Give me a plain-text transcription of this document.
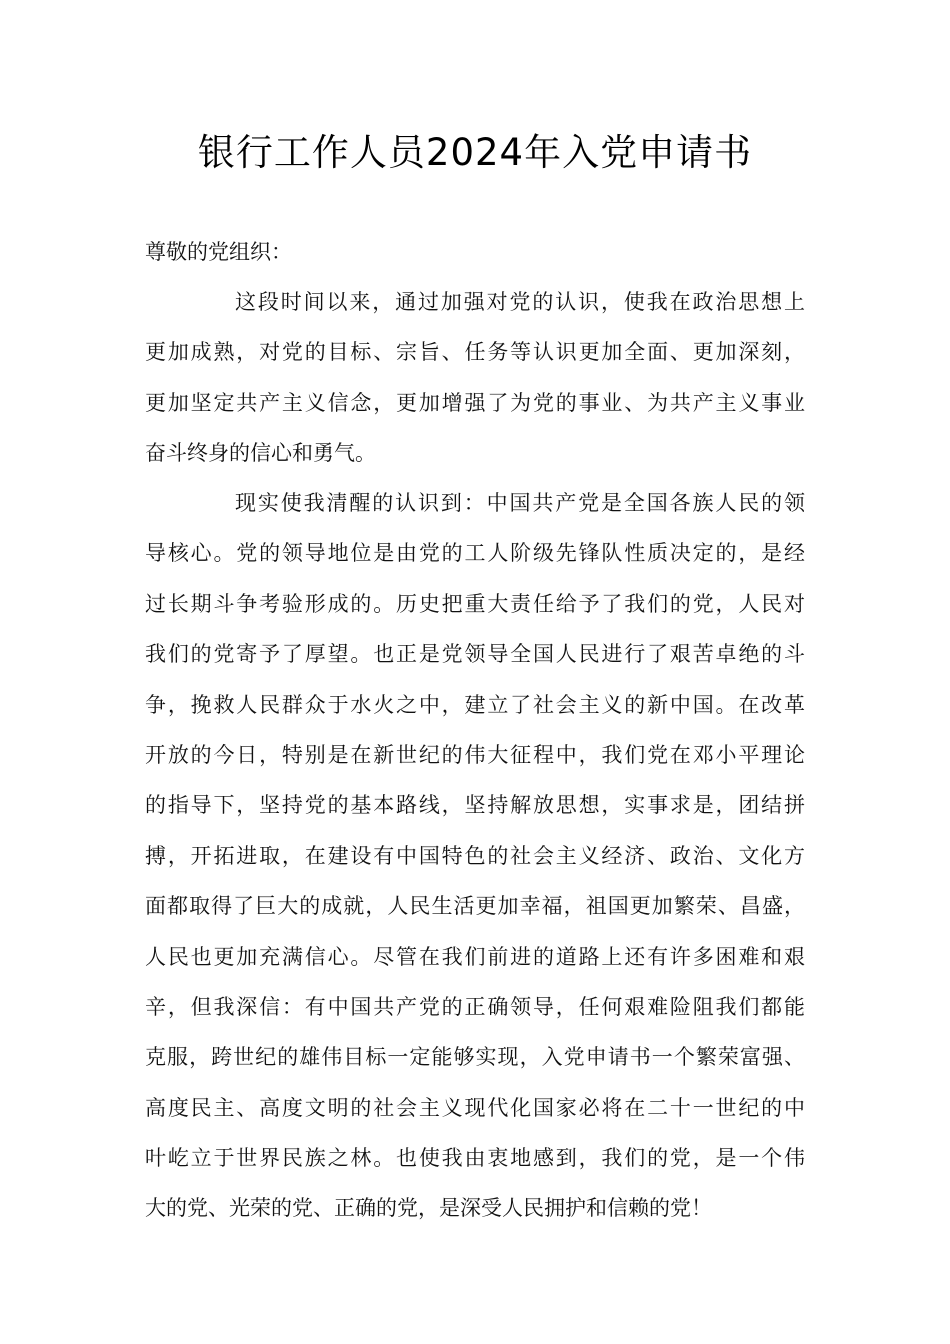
银行工作人员2024年入党申请书

尊敬的党组织：

这段时间以来，通过加强对党的认识，使我在政治思想上
更加成熟，对党的目标、宗旨、任务等认识更加全面、更加深刻，
更加坚定共产主义信念，更加增强了为党的事业、为共产主义事业
奋斗终身的信心和勇气。
现实使我清醒的认识到：中国共产党是全国各族人民的领
导核心。党的领导地位是由党的工人阶级先锋队性质决定的，是经
过长期斗争考验形成的。历史把重大责任给予了我们的党，人民对
我们的党寄予了厚望。也正是党领导全国人民进行了艰苦卓绝的斗
争，挽救人民群众于水火之中，建立了社会主义的新中国。在改革
开放的今日，特别是在新世纪的伟大征程中，我们党在邓小平理论
的指导下，坚持党的基本路线，坚持解放思想，实事求是，团结拼
搏，开拓进取，在建设有中国特色的社会主义经济、政治、文化方
面都取得了巨大的成就，人民生活更加幸福，祖国更加繁荣、昌盛，
人民也更加充满信心。尽管在我们前进的道路上还有许多困难和艰
辛，但我深信：有中国共产党的正确领导，任何艰难险阻我们都能
克服，跨世纪的雄伟目标一定能够实现，入党申请书一个繁荣富强、
高度民主、高度文明的社会主义现代化国家必将在二十一世纪的中
叶屹立于世界民族之林。也使我由衷地感到，我们的党，是一个伟
大的党、光荣的党、正确的党，是深受人民拥护和信赖的党！
